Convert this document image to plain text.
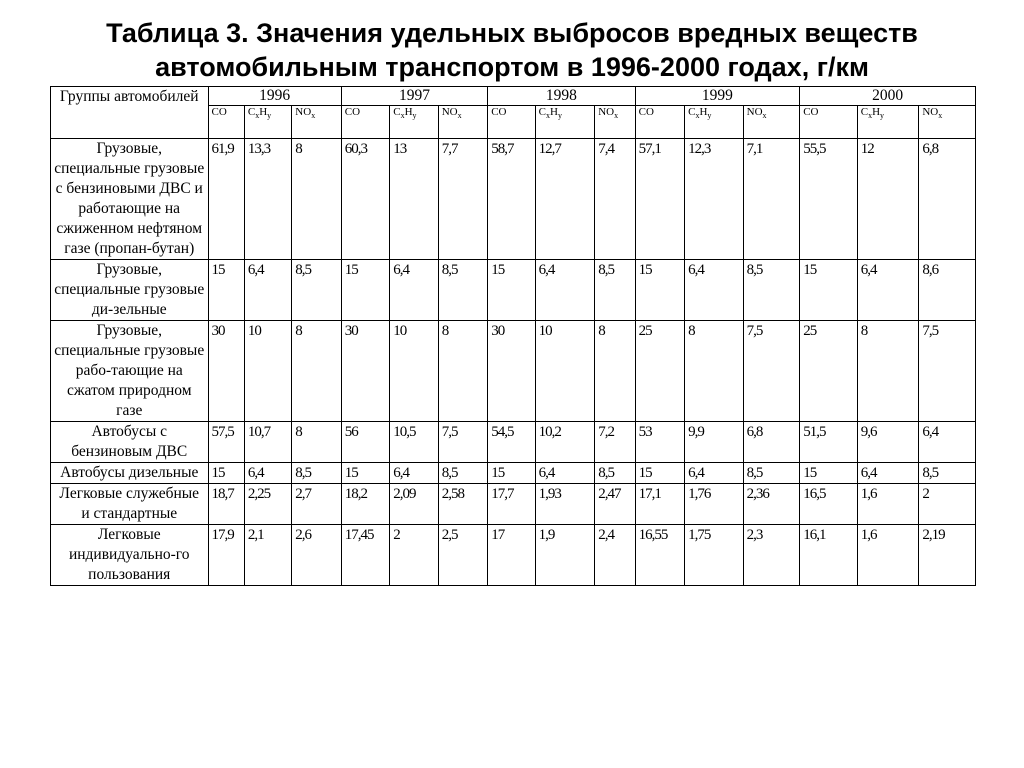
Таблица 3. Значения удельных выбросов вредных веществ
автомобильным транспортом в 1996-2000 годах, г/км
Группы автомобилей	1996			1997			1998			1999			2000		
	CO	$C_xH_y$	$NO_x$	CO	$C_xH_y$	$NO_x$	CO	$C_xH_y$	$NO_x$	CO	$C_xH_y$	$NO_x$	CO	$C_xH_y$	$NO_x$
Грузовые, специальные грузовые с бензиновыми ДВС и работающие на сжиженном нефтяном газе (пропан-бутан)	61,9	13,3	8	60,3	13	7,7	58,7	12,7	7,4	57,1	12,3	7,1	55,5	12	6,8
Грузовые, специальные грузовые ди-зельные	15	6,4	8,5	15	6,4	8,5	15	6,4	8,5	15	6,4	8,5	15	6,4	8,6
Грузовые, специальные грузовые рабо-тающие на сжатом природном газе	30	10	8	30	10	8	30	10	8	25	8	7,5	25	8	7,5
Автобусы с бензиновым ДВС	57,5	10,7	8	56	10,5	7,5	54,5	10,2	7,2	53	9,9	6,8	51,5	9,6	6,4
Автобусы дизельные	15	6,4	8,5	15	6,4	8,5	15	6,4	8,5	15	6,4	8,5	15	6,4	8,5
Легковые служебные и стандартные	18,7	2,25	2,7	18,2	2,09	2,58	17,7	1,93	2,47	17,1	1,76	2,36	16,5	1,6	2
Легковые индивидуально-го пользования	17,9	2,1	2,6	17,45	2	2,5	17	1,9	2,4	16,55	1,75	2,3	16,1	1,6	2,19
